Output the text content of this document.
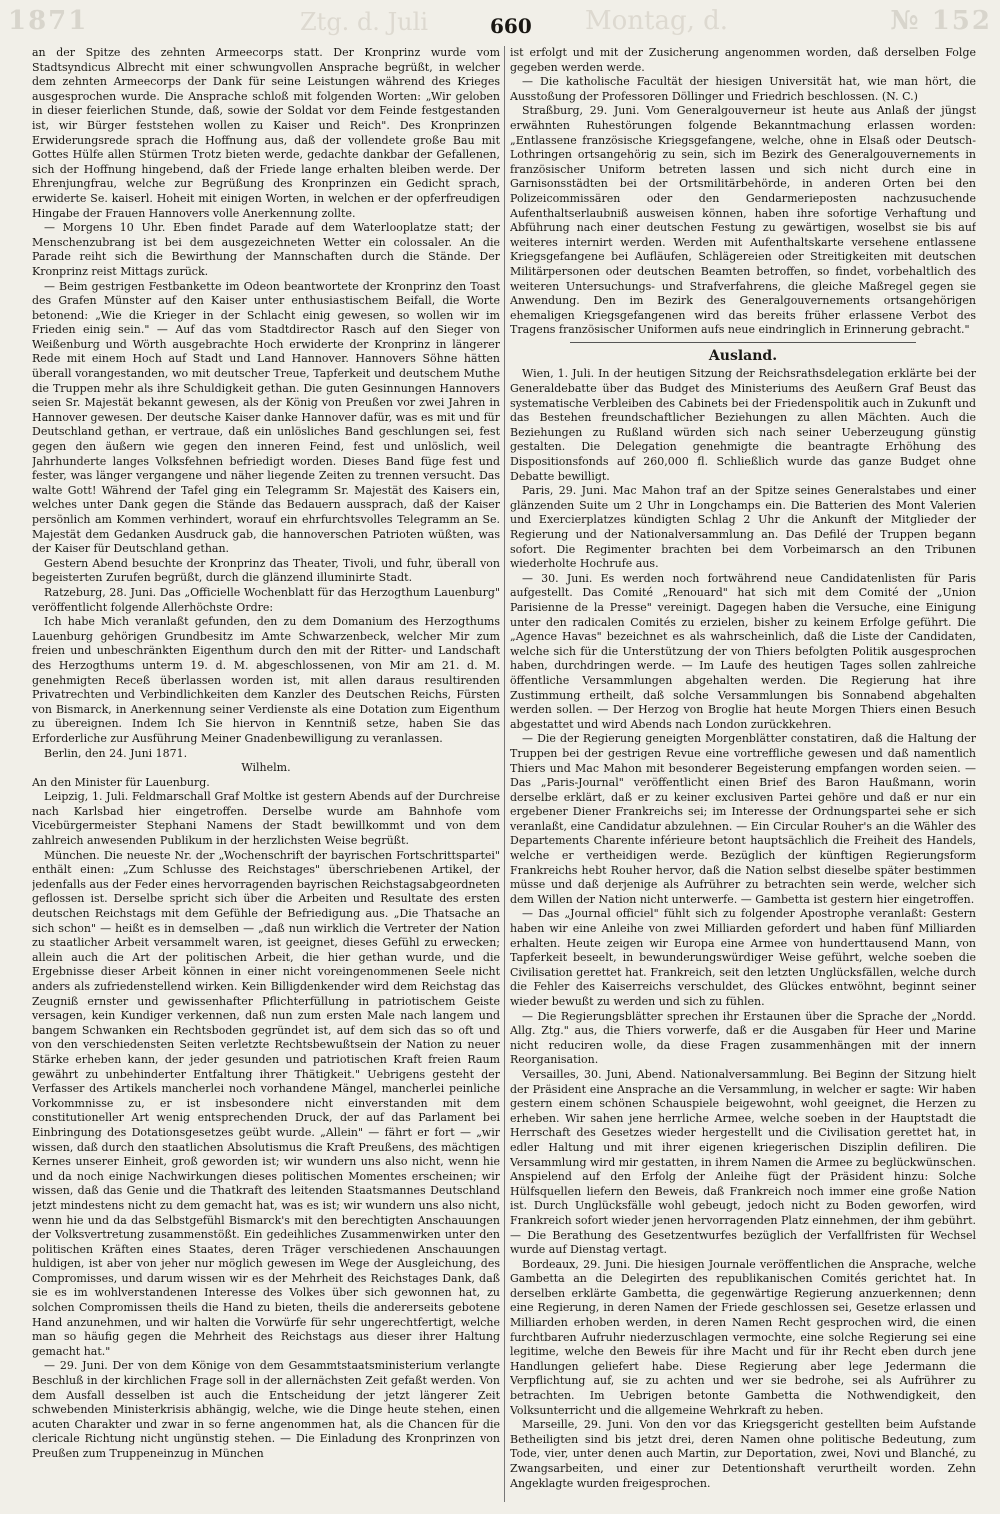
1871	Ztg. d. Juli	660 Montag, d.	№ 152

an der Spitze des zehnten Armeecorps statt. Der Kronprinz wurde vom Stadtsyndicus Albrecht mit einer schwungvollen Ansprache begrüßt, in welcher dem zehnten Armeecorps der Dank für seine Leistungen während des Krieges ausgesprochen wurde. Die Ansprache schloß mit folgenden Worten: „Wir geloben in dieser feierlichen Stunde, daß, sowie der Soldat vor dem Feinde festgestanden ist, wir Bürger feststehen wollen zu Kaiser und Reich". Des Kronprinzen Erwiderungsrede sprach die Hoffnung aus, daß der vollendete große Bau mit Gottes Hülfe allen Stürmen Trotz bieten werde, gedachte dankbar der Gefallenen, sich der Hoffnung hingebend, daß der Friede lange erhalten bleiben werde. Der Ehrenjungfrau, welche zur Begrüßung des Kronprinzen ein Gedicht sprach, erwiderte Se. kaiserl. Hoheit mit einigen Worten, in welchen er der opferfreudigen Hingabe der Frauen Hannovers volle Anerkennung zollte.

— Morgens 10 Uhr. Eben findet Parade auf dem Waterlooplatze statt; der Menschenzubrang ist bei dem ausgezeichneten Wetter ein colossaler. An die Parade reiht sich die Bewirthung der Mannschaften durch die Stände. Der Kronprinz reist Mittags zurück.

— Beim gestrigen Festbankette im Odeon beantwortete der Kronprinz den Toast des Grafen Münster auf den Kaiser unter enthusiastischem Beifall, die Worte betonend: „Wie die Krieger in der Schlacht einig gewesen, so wollen wir im Frieden einig sein." — Auf das vom Stadtdirector Rasch auf den Sieger von Weißenburg und Wörth ausgebrachte Hoch erwiderte der Kronprinz in längerer Rede mit einem Hoch auf Stadt und Land Hannover. Hannovers Söhne hätten überall vorangestanden, wo mit deutscher Treue, Tapferkeit und deutschem Muthe die Truppen mehr als ihre Schuldigkeit gethan. Die guten Gesinnungen Hannovers seien Sr. Majestät bekannt gewesen, als der König von Preußen vor zwei Jahren in Hannover gewesen. Der deutsche Kaiser danke Hannover dafür, was es mit und für Deutschland gethan, er vertraue, daß ein unlösliches Band geschlungen sei, fest gegen den äußern wie gegen den inneren Feind, fest und unlöslich, weil Jahrhunderte langes Volksfehnen befriedigt worden. Dieses Band füge fest und fester, was länger vergangene und näher liegende Zeiten zu trennen versucht. Das walte Gott! Während der Tafel ging ein Telegramm Sr. Majestät des Kaisers ein, welches unter Dank gegen die Stände das Bedauern aussprach, daß der Kaiser persönlich am Kommen verhindert, worauf ein ehrfurchtsvolles Telegramm an Se. Majestät dem Gedanken Ausdruck gab, die hannoverschen Patrioten wüßten, was der Kaiser für Deutschland gethan.

Gestern Abend besuchte der Kronprinz das Theater, Tivoli, und fuhr, überall von begeisterten Zurufen begrüßt, durch die glänzend illuminirte Stadt.

Ratzeburg, 28. Juni. Das „Officielle Wochenblatt für das Herzogthum Lauenburg" veröffentlicht folgende Allerhöchste Ordre:

Ich habe Mich veranlaßt gefunden, den zu dem Domanium des Herzogthums Lauenburg gehörigen Grundbesitz im Amte Schwarzenbeck, welcher Mir zum freien und unbeschränkten Eigenthum durch den mit der Ritter- und Landschaft des Herzogthums unterm 19. d. M. abgeschlossenen, von Mir am 21. d. M. genehmigten Receß überlassen worden ist, mit allen daraus resultirenden Privatrechten und Verbindlichkeiten dem Kanzler des Deutschen Reichs, Fürsten von Bismarck, in Anerkennung seiner Verdienste als eine Dotation zum Eigenthum zu übereignen. Indem Ich Sie hiervon in Kenntniß setze, haben Sie das Erforderliche zur Ausführung Meiner Gnadenbewilligung zu veranlassen.

Berlin, den 24. Juni 1871.

Wilhelm.

An den Minister für Lauenburg.

Leipzig, 1. Juli. Feldmarschall Graf Moltke ist gestern Abends auf der Durchreise nach Karlsbad hier eingetroffen. Derselbe wurde am Bahnhofe vom Vicebürgermeister Stephani Namens der Stadt bewillkommt und von dem zahlreich anwesenden Publikum in der herzlichsten Weise begrüßt.

München. Die neueste Nr. der „Wochenschrift der bayrischen Fortschrittspartei" enthält einen: „Zum Schlusse des Reichstages" überschriebenen Artikel, der jedenfalls aus der Feder eines hervorragenden bayrischen Reichstagsabgeordneten geflossen ist. Derselbe spricht sich über die Arbeiten und Resultate des ersten deutschen Reichstags mit dem Gefühle der Befriedigung aus. „Die Thatsache an sich schon" — heißt es in demselben — „daß nun wirklich die Vertreter der Nation zu staatlicher Arbeit versammelt waren, ist geeignet, dieses Gefühl zu erwecken; allein auch die Art der politischen Arbeit, die hier gethan wurde, und die Ergebnisse dieser Arbeit können in einer nicht voreingenommenen Seele nicht anders als zufriedenstellend wirken. Kein Billigdenkender wird dem Reichstag das Zeugniß ernster und gewissenhafter Pflichterfüllung in patriotischem Geiste versagen, kein Kundiger verkennen, daß nun zum ersten Male nach langem und bangem Schwanken ein Rechtsboden gegründet ist, auf dem sich das so oft und von den verschiedensten Seiten verletzte Rechtsbewußtsein der Nation zu neuer Stärke erheben kann, der jeder gesunden und patriotischen Kraft freien Raum gewährt zu unbehinderter Entfaltung ihrer Thätigkeit." Uebrigens gesteht der Verfasser des Artikels mancherlei noch vorhandene Mängel, mancherlei peinliche Vorkommnisse zu, er ist insbesondere nicht einverstanden mit dem constitutioneller Art wenig entsprechenden Druck, der auf das Parlament bei Einbringung des Dotationsgesetzes geübt wurde. „Allein" — fährt er fort — „wir wissen, daß durch den staatlichen Absolutismus die Kraft Preußens, des mächtigen Kernes unserer Einheit, groß geworden ist; wir wundern uns also nicht, wenn hie und da noch einige Nachwirkungen dieses politischen Momentes erscheinen; wir wissen, daß das Genie und die Thatkraft des leitenden Staatsmannes Deutschland jetzt mindestens nicht zu dem gemacht hat, was es ist; wir wundern uns also nicht, wenn hie und da das Selbstgefühl Bismarck's mit den berechtigten Anschauungen der Volksvertretung zusammenstößt. Ein gedeihliches Zusammenwirken unter den politischen Kräften eines Staates, deren Träger verschiedenen Anschauungen huldigen, ist aber von jeher nur möglich gewesen im Wege der Ausgleichung, des Compromisses, und darum wissen wir es der Mehrheit des Reichstages Dank, daß sie es im wohlverstandenen Interesse des Volkes über sich gewonnen hat, zu solchen Compromissen theils die Hand zu bieten, theils die andererseits gebotene Hand anzunehmen, und wir halten die Vorwürfe für sehr ungerechtfertigt, welche man so häufig gegen die Mehrheit des Reichstags aus dieser ihrer Haltung gemacht hat."

— 29. Juni. Der von dem Könige von dem Gesammtstaatsministerium verlangte Beschluß in der kirchlichen Frage soll in der allernächsten Zeit gefaßt werden. Von dem Ausfall desselben ist auch die Entscheidung der jetzt längerer Zeit schwebenden Ministerkrisis abhängig, welche, wie die Dinge heute stehen, einen acuten Charakter und zwar in so ferne angenommen hat, als die Chancen für die clericale Richtung nicht ungünstig stehen. — Die Einladung des Kronprinzen von Preußen zum Truppeneinzug in München

ist erfolgt und mit der Zusicherung angenommen worden, daß derselben Folge gegeben werden werde.

— Die katholische Facultät der hiesigen Universität hat, wie man hört, die Ausstoßung der Professoren Döllinger und Friedrich beschlossen. (N. C.)

Straßburg, 29. Juni. Vom Generalgouverneur ist heute aus Anlaß der jüngst erwähnten Ruhestörungen folgende Bekanntmachung erlassen worden: „Entlassene französische Kriegsgefangene, welche, ohne in Elsaß oder Deutsch-Lothringen ortsangehörig zu sein, sich im Bezirk des Generalgouvernements in französischer Uniform betreten lassen und sich nicht durch eine in Garnisonsstädten bei der Ortsmilitärbehörde, in anderen Orten bei den Polizeicommissären oder den Gendarmerieposten nachzusuchende Aufenthaltserlaubniß ausweisen können, haben ihre sofortige Verhaftung und Abführung nach einer deutschen Festung zu gewärtigen, woselbst sie bis auf weiteres internirt werden. Werden mit Aufenthaltskarte versehene entlassene Kriegsgefangene bei Aufläufen, Schlägereien oder Streitigkeiten mit deutschen Militärpersonen oder deutschen Beamten betroffen, so findet, vorbehaltlich des weiteren Untersuchungs- und Strafverfahrens, die gleiche Maßregel gegen sie Anwendung. Den im Bezirk des Generalgouvernements ortsangehörigen ehemaligen Kriegsgefangenen wird das bereits früher erlassene Verbot des Tragens französischer Uniformen aufs neue eindringlich in Erinnerung gebracht."

Ausland.

Wien, 1. Juli. In der heutigen Sitzung der Reichsrathsdelegation erklärte bei der Generaldebatte über das Budget des Ministeriums des Aeußern Graf Beust das systematische Verbleiben des Cabinets bei der Friedenspolitik auch in Zukunft und das Bestehen freundschaftlicher Beziehungen zu allen Mächten. Auch die Beziehungen zu Rußland würden sich nach seiner Ueberzeugung günstig gestalten. Die Delegation genehmigte die beantragte Erhöhung des Dispositionsfonds auf 260,000 fl. Schließlich wurde das ganze Budget ohne Debatte bewilligt.

Paris, 29. Juni. Mac Mahon traf an der Spitze seines Generalstabes und einer glänzenden Suite um 2 Uhr in Longchamps ein. Die Batterien des Mont Valerien und Exercierplatzes kündigten Schlag 2 Uhr die Ankunft der Mitglieder der Regierung und der Nationalversammlung an. Das Defilé der Truppen begann sofort. Die Regimenter brachten bei dem Vorbeimarsch an den Tribunen wiederholte Hochrufe aus.

— 30. Juni. Es werden noch fortwährend neue Candidatenlisten für Paris aufgestellt. Das Comité „Renouard" hat sich mit dem Comité der „Union Parisienne de la Presse" vereinigt. Dagegen haben die Versuche, eine Einigung unter den radicalen Comités zu erzielen, bisher zu keinem Erfolge geführt. Die „Agence Havas" bezeichnet es als wahrscheinlich, daß die Liste der Candidaten, welche sich für die Unterstützung der von Thiers befolgten Politik ausgesprochen haben, durchdringen werde. — Im Laufe des heutigen Tages sollen zahlreiche öffentliche Versammlungen abgehalten werden. Die Regierung hat ihre Zustimmung ertheilt, daß solche Versammlungen bis Sonnabend abgehalten werden sollen. — Der Herzog von Broglie hat heute Morgen Thiers einen Besuch abgestattet und wird Abends nach London zurückkehren.

— Die der Regierung geneigten Morgenblätter constatiren, daß die Haltung der Truppen bei der gestrigen Revue eine vortreffliche gewesen und daß namentlich Thiers und Mac Mahon mit besonderer Begeisterung empfangen worden seien. — Das „Paris-Journal" veröffentlicht einen Brief des Baron Haußmann, worin derselbe erklärt, daß er zu keiner exclusiven Partei gehöre und daß er nur ein ergebener Diener Frankreichs sei; im Interesse der Ordnungspartei sehe er sich veranlaßt, eine Candidatur abzulehnen. — Ein Circular Rouher's an die Wähler des Departements Charente inférieure betont hauptsächlich die Freiheit des Handels, welche er vertheidigen werde. Bezüglich der künftigen Regierungsform Frankreichs hebt Rouher hervor, daß die Nation selbst dieselbe später bestimmen müsse und daß derjenige als Aufrührer zu betrachten sein werde, welcher sich dem Willen der Nation nicht unterwerfe. — Gambetta ist gestern hier eingetroffen.

— Das „Journal officiel" fühlt sich zu folgender Apostrophe veranlaßt: Gestern haben wir eine Anleihe von zwei Milliarden gefordert und haben fünf Milliarden erhalten. Heute zeigen wir Europa eine Armee von hunderttausend Mann, von Tapferkeit beseelt, in bewunderungswürdiger Weise geführt, welche soeben die Civilisation gerettet hat. Frankreich, seit den letzten Unglücksfällen, welche durch die Fehler des Kaiserreichs verschuldet, des Glückes entwöhnt, beginnt seiner wieder bewußt zu werden und sich zu fühlen.

— Die Regierungsblätter sprechen ihr Erstaunen über die Sprache der „Nordd. Allg. Ztg." aus, die Thiers vorwerfe, daß er die Ausgaben für Heer und Marine nicht reduciren wolle, da diese Fragen zusammenhängen mit der innern Reorganisation.

Versailles, 30. Juni, Abend. Nationalversammlung. Bei Beginn der Sitzung hielt der Präsident eine Ansprache an die Versammlung, in welcher er sagte: Wir haben gestern einem schönen Schauspiele beigewohnt, wohl geeignet, die Herzen zu erheben. Wir sahen jene herrliche Armee, welche soeben in der Hauptstadt die Herrschaft des Gesetzes wieder hergestellt und die Civilisation gerettet hat, in edler Haltung und mit ihrer eigenen kriegerischen Disziplin defiliren. Die Versammlung wird mir gestatten, in ihrem Namen die Armee zu beglückwünschen. Anspielend auf den Erfolg der Anleihe fügt der Präsident hinzu: Solche Hülfsquellen liefern den Beweis, daß Frankreich noch immer eine große Nation ist. Durch Unglücksfälle wohl gebeugt, jedoch nicht zu Boden geworfen, wird Frankreich sofort wieder jenen hervorragenden Platz einnehmen, der ihm gebührt. — Die Berathung des Gesetzentwurfes bezüglich der Verfallfristen für Wechsel wurde auf Dienstag vertagt.

Bordeaux, 29. Juni. Die hiesigen Journale veröffentlichen die Ansprache, welche Gambetta an die Delegirten des republikanischen Comités gerichtet hat. In derselben erklärte Gambetta, die gegenwärtige Regierung anzuerkennen; denn eine Regierung, in deren Namen der Friede geschlossen sei, Gesetze erlassen und Milliarden erhoben werden, in deren Namen Recht gesprochen wird, die einen furchtbaren Aufruhr niederzuschlagen vermochte, eine solche Regierung sei eine legitime, welche den Beweis für ihre Macht und für ihr Recht eben durch jene Handlungen geliefert habe. Diese Regierung aber lege Jedermann die Verpflichtung auf, sie zu achten und wer sie bedrohe, sei als Aufrührer zu betrachten. Im Uebrigen betonte Gambetta die Nothwendigkeit, den Volksunterricht und die allgemeine Wehrkraft zu heben.

Marseille, 29. Juni. Von den vor das Kriegsgericht gestellten beim Aufstande Betheiligten sind bis jetzt drei, deren Namen ohne politische Bedeutung, zum Tode, vier, unter denen auch Martin, zur Deportation, zwei, Novi und Blanché, zu Zwangsarbeiten, und einer zur Detentionshaft verurtheilt worden. Zehn Angeklagte wurden freigesprochen.
